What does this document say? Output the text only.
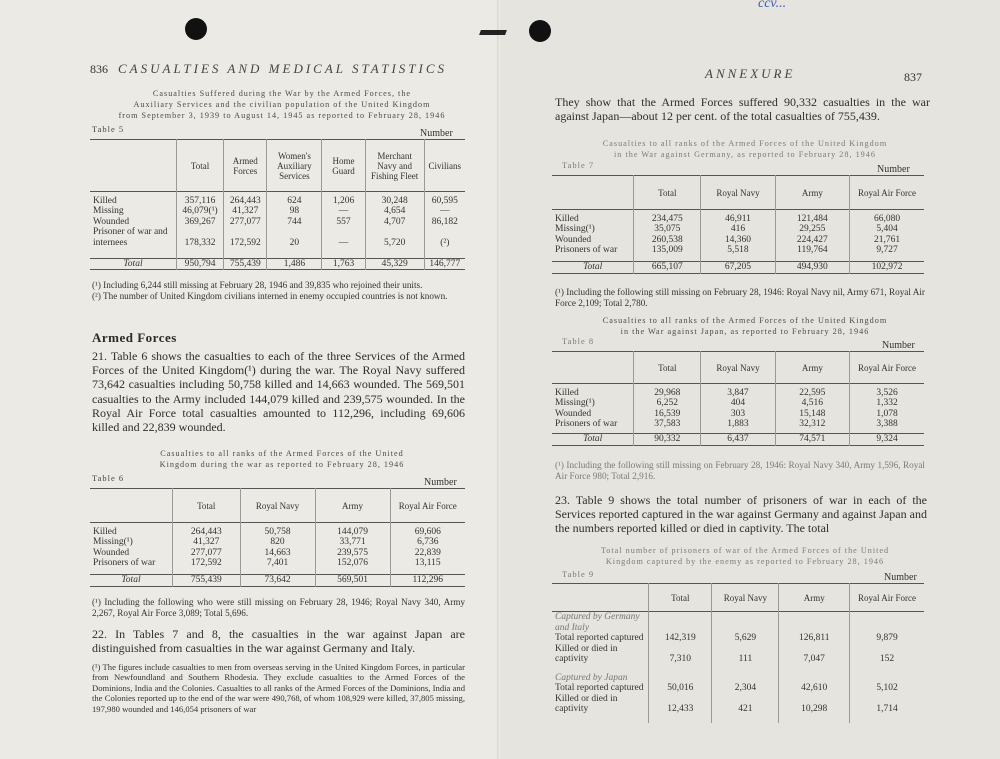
836 CASUALTIES AND MEDICAL STATISTICS
Casualties Suffered during the War by the Armed Forces, the
Auxiliary Services and the civilian population of the United Kingdom
from September 3, 1939 to August 14, 1945 as reported to February 28, 1946
Table 5	Number
	Total	Armed Forces	Women's Auxiliary Services	Home Guard	Merchant Navy and Fishing Fleet	Civilians

Killed	357,116	264,443	624	1,206	30,248	60,595
Missing	46,079(¹)	41,327	98	—	4,654	—
Wounded	369,267	277,077	744	557	4,707	86,182
Prisoner of war and internees	178,332	172,592	20	—	5,720	(²)

Total	950,794	755,439	1,486	1,763	45,329	146,777
(¹) Including 6,244 still missing at February 28, 1946 and 39,835 who rejoined their units.
(²) The number of United Kingdom civilians interned in enemy occupied countries is not known.
Armed Forces
21. Table 6 shows the casualties to each of the three Services of the Armed Forces of the United Kingdom(¹) during the war. The Royal Navy suffered 73,642 casualties including 50,758 killed and 14,663 wounded. The 569,501 casualties to the Army included 144,079 killed and 239,575 wounded. In the Royal Air Force total casualties amounted to 112,296, including 69,606 killed and 22,839 wounded.
Casualties to all ranks of the Armed Forces of the United
Kingdom during the war as reported to February 28, 1946
Table 6	Number
	Total	Royal Navy	Army	Royal Air Force

Killed	264,443	50,758	144,079	69,606
Missing(¹)	41,327	820	33,771	6,736
Wounded	277,077	14,663	239,575	22,839
Prisoners of war	172,592	7,401	152,076	13,115

Total	755,439	73,642	569,501	112,296
(¹) Including the following who were still missing on February 28, 1946; Royal Navy 340, Army 2,267, Royal Air Force 3,089; Total 5,696.
22. In Tables 7 and 8, the casualties in the war against Japan are distinguished from casualties in the war against Germany and Italy.
(¹) The figures include casualties to men from overseas serving in the United Kingdom Forces, in particular from Newfoundland and Southern Rhodesia. They exclude casualties to the Armed Forces of the Dominions, India and the Colonies. Casualties to all ranks of the Armed Forces of the Dominions, India and the Colonies reported up to the end of the war were 490,768, of whom 108,929 were killed, 37,805 missing, 197,980 wounded and 146,054 prisoners of war
ccv...
ANNEXURE	837
They show that the Armed Forces suffered 90,332 casualties in the war against Japan—about 12 per cent. of the total casualties of 755,439.
Casualties to all ranks of the Armed Forces of the United Kingdom
in the War against Germany, as reported to February 28, 1946
Table 7	Number
	Total	Royal Navy	Army	Royal Air Force

Killed	234,475	46,911	121,484	66,080
Missing(¹)	35,075	416	29,255	5,404
Wounded	260,538	14,360	224,427	21,761
Prisoners of war	135,009	5,518	119,764	9,727

Total	665,107	67,205	494,930	102,972
(¹) Including the following still missing on February 28, 1946: Royal Navy nil, Army 671, Royal Air Force 2,109; Total 2,780.
Casualties to all ranks of the Armed Forces of the United Kingdom
in the War against Japan, as reported to February 28, 1946
Table 8	Number
	Total	Royal Navy	Army	Royal Air Force

Killed	29,968	3,847	22,595	3,526
Missing(¹)	6,252	404	4,516	1,332
Wounded	16,539	303	15,148	1,078
Prisoners of war	37,583	1,883	32,312	3,388

Total	90,332	6,437	74,571	9,324
(¹) Including the following still missing on February 28, 1946: Royal Navy 340, Army 1,596, Royal Air Force 980; Total 2,916.
23. Table 9 shows the total number of prisoners of war in each of the Services reported captured in the war against Germany and against Japan and the numbers reported killed or died in captivity. The total
Total number of prisoners of war of the Armed Forces of the United
Kingdom captured by the enemy as reported to February 28, 1946
Table 9	Number
	Total	Royal Navy	Army	Royal Air Force
Captured by Germany and Italy				
Total reported captured	142,319	5,629	126,811	9,879
Killed or died in captivity	7,310	111	7,047	152

Captured by Japan				
Total reported captured	50,016	2,304	42,610	5,102
Killed or died in captivity	12,433	421	10,298	1,714
